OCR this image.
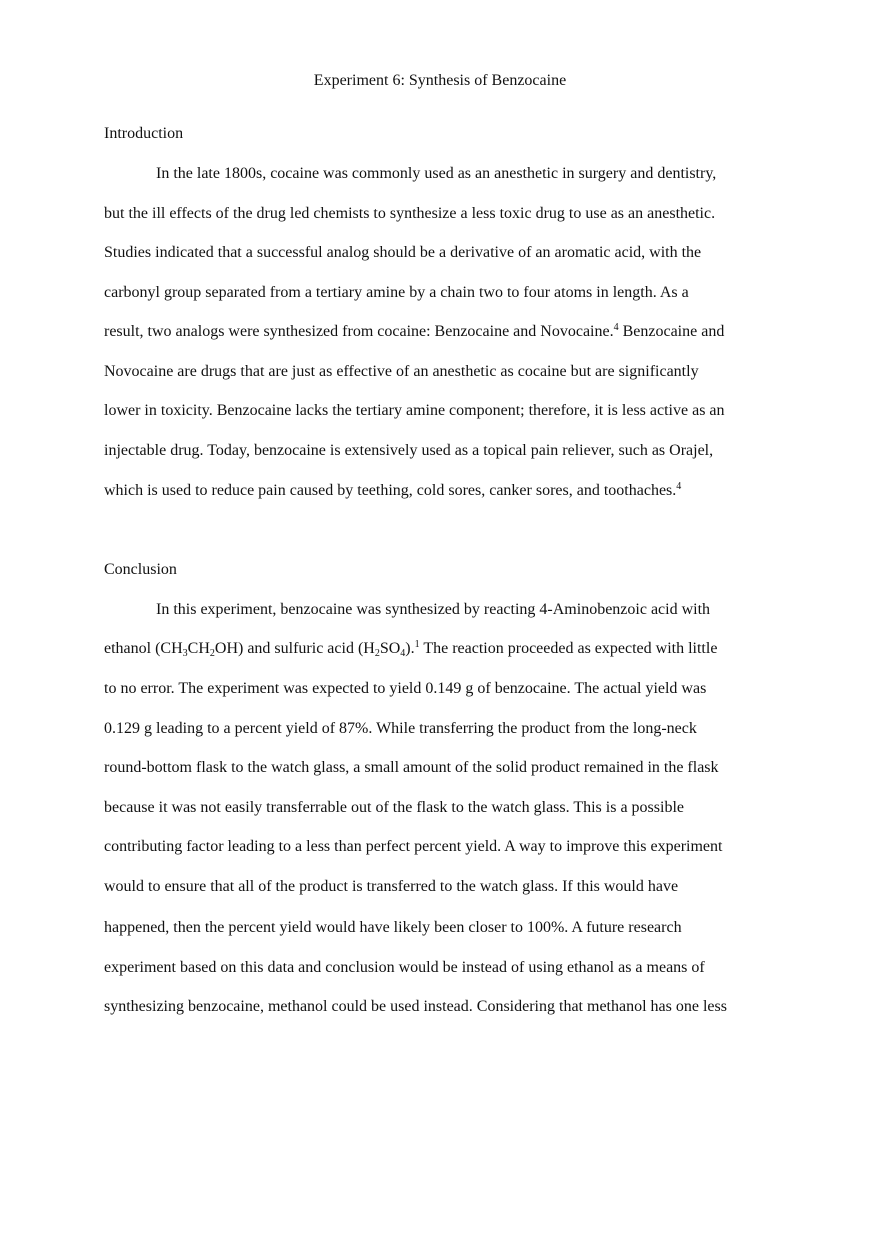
Experiment 6: Synthesis of Benzocaine
Introduction
In the late 1800s, cocaine was commonly used as an anesthetic in surgery and dentistry,
but the ill effects of the drug led chemists to synthesize a less toxic drug to use as an anesthetic.
Studies indicated that a successful analog should be a derivative of an aromatic acid, with the
carbonyl group separated from a tertiary amine by a chain two to four atoms in length. As a
result, two analogs were synthesized from cocaine: Benzocaine and Novocaine.$^4$ Benzocaine and
Novocaine are drugs that are just as effective of an anesthetic as cocaine but are significantly
lower in toxicity. Benzocaine lacks the tertiary amine component; therefore, it is less active as an
injectable drug. Today, benzocaine is extensively used as a topical pain reliever, such as Orajel,
which is used to reduce pain caused by teething, cold sores, canker sores, and toothaches.$^4$
Conclusion
In this experiment, benzocaine was synthesized by reacting 4-Aminobenzoic acid with
ethanol $(CH_3CH_2OH)$ and sulfuric acid $(H_2SO_4).^1$ The reaction proceeded as expected with little
to no error. The experiment was expected to yield 0.149 g of benzocaine. The actual yield was
0.129 g leading to a percent yield of 87%. While transferring the product from the long-neck
round-bottom flask to the watch glass, a small amount of the solid product remained in the flask
because it was not easily transferrable out of the flask to the watch glass. This is a possible
contributing factor leading to a less than perfect percent yield. A way to improve this experiment
would to ensure that all of the product is transferred to the watch glass. If this would have
happened, then the percent yield would have likely been closer to 100%. A future research
experiment based on this data and conclusion would be instead of using ethanol as a means of
synthesizing benzocaine, methanol could be used instead. Considering that methanol has one less
